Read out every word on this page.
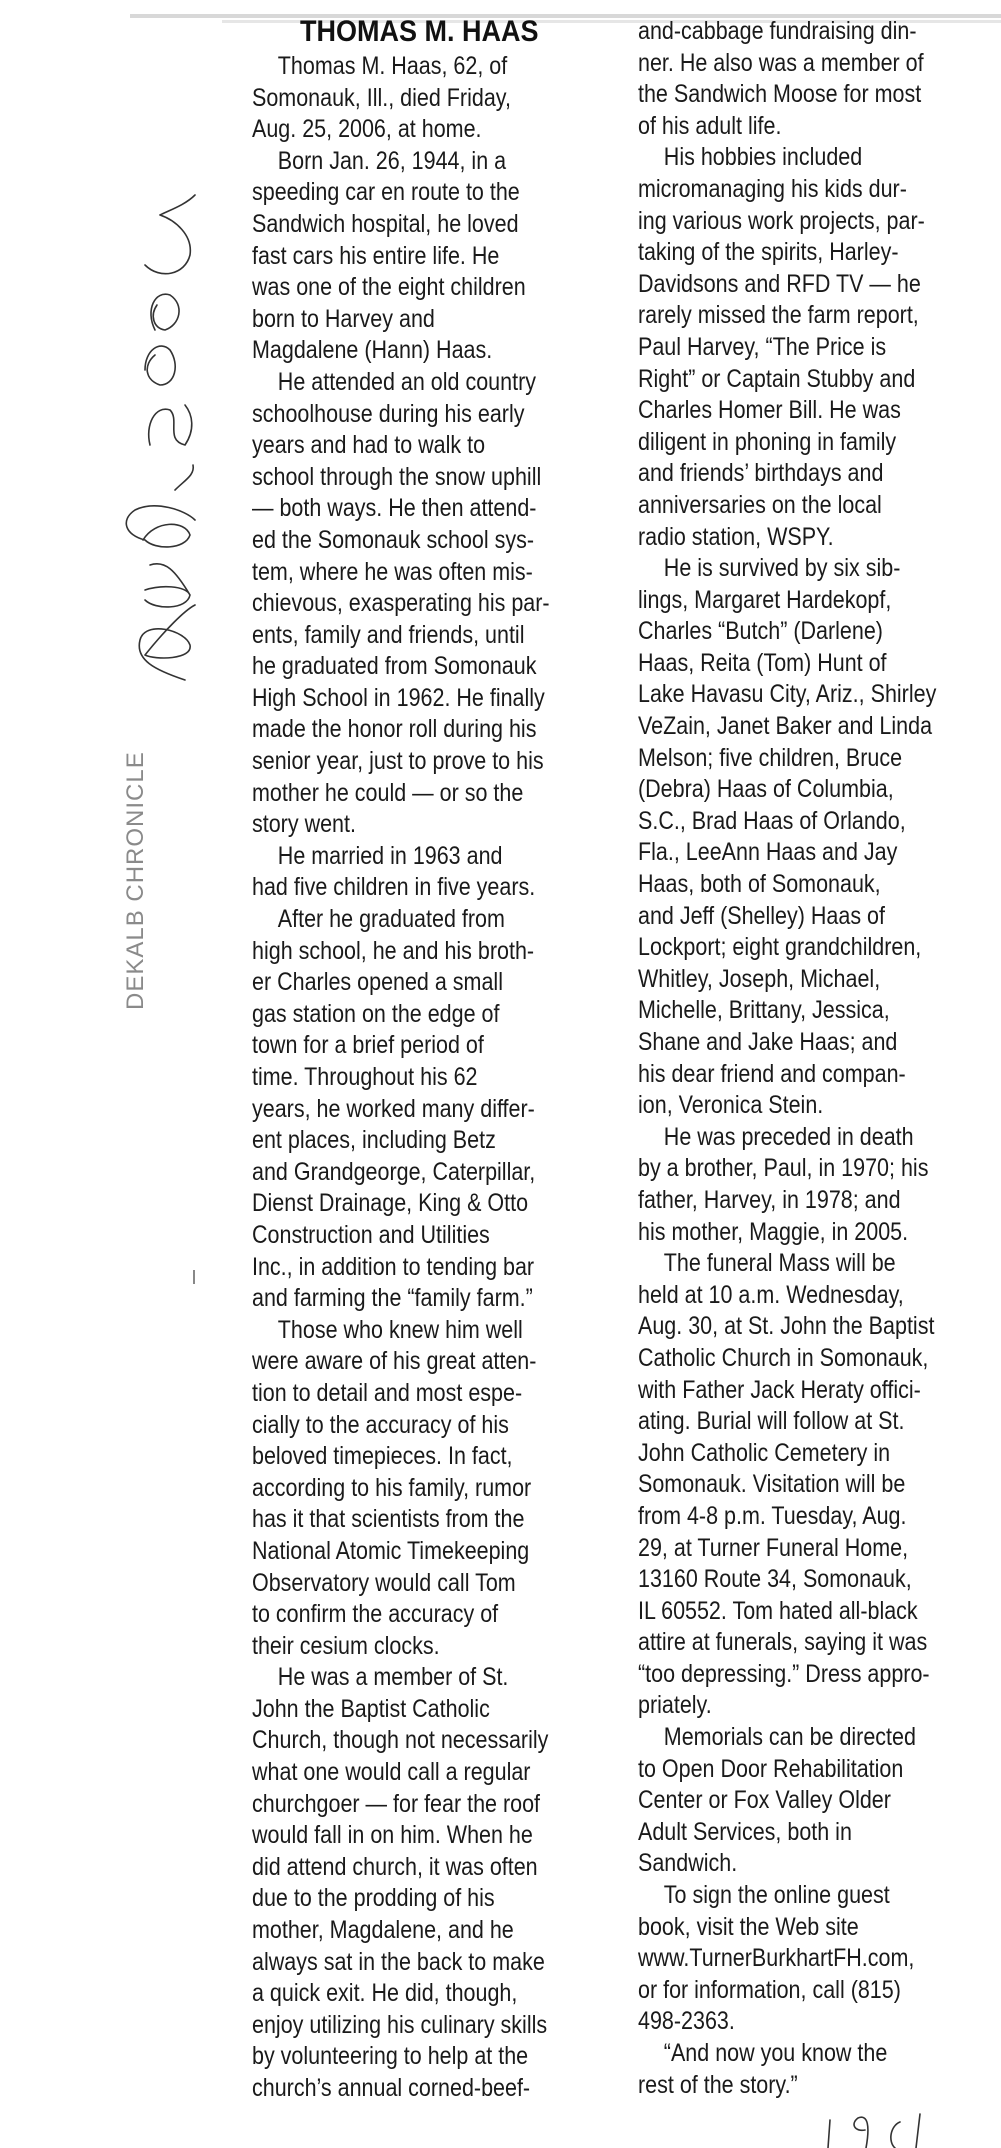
THOMAS M. HAAS
DEKALB CHRONICLE
Thomas M. Haas, 62, of
Somonauk, Ill., died Friday,
Aug. 25, 2006, at home.
Born Jan. 26, 1944, in a
speeding car en route to the
Sandwich hospital, he loved
fast cars his entire life. He
was one of the eight children
born to Harvey and
Magdalene (Hann) Haas.
He attended an old country
schoolhouse during his early
years and had to walk to
school through the snow uphill
— both ways. He then attend-
ed the Somonauk school sys-
tem, where he was often mis-
chievous, exasperating his par-
ents, family and friends, until
he graduated from Somonauk
High School in 1962. He finally
made the honor roll during his
senior year, just to prove to his
mother he could — or so the
story went.
He married in 1963 and
had five children in five years.
After he graduated from
high school, he and his broth-
er Charles opened a small
gas station on the edge of
town for a brief period of
time. Throughout his 62
years, he worked many differ-
ent places, including Betz
and Grandgeorge, Caterpillar,
Dienst Drainage, King & Otto
Construction and Utilities
Inc., in addition to tending bar
and farming the “family farm.”
Those who knew him well
were aware of his great atten-
tion to detail and most espe-
cially to the accuracy of his
beloved timepieces. In fact,
according to his family, rumor
has it that scientists from the
National Atomic Timekeeping
Observatory would call Tom
to confirm the accuracy of
their cesium clocks.
He was a member of St.
John the Baptist Catholic
Church, though not necessarily
what one would call a regular
churchgoer — for fear the roof
would fall in on him. When he
did attend church, it was often
due to the prodding of his
mother, Magdalene, and he
always sat in the back to make
a quick exit. He did, though,
enjoy utilizing his culinary skills
by volunteering to help at the
church’s annual corned-beef-
and-cabbage fundraising din-
ner. He also was a member of
the Sandwich Moose for most
of his adult life.
His hobbies included
micromanaging his kids dur-
ing various work projects, par-
taking of the spirits, Harley-
Davidsons and RFD TV — he
rarely missed the farm report,
Paul Harvey, “The Price is
Right” or Captain Stubby and
Charles Homer Bill. He was
diligent in phoning in family
and friends’ birthdays and
anniversaries on the local
radio station, WSPY.
He is survived by six sib-
lings, Margaret Hardekopf,
Charles “Butch” (Darlene)
Haas, Reita (Tom) Hunt of
Lake Havasu City, Ariz., Shirley
VeZain, Janet Baker and Linda
Melson; five children, Bruce
(Debra) Haas of Columbia,
S.C., Brad Haas of Orlando,
Fla., LeeAnn Haas and Jay
Haas, both of Somonauk,
and Jeff (Shelley) Haas of
Lockport; eight grandchildren,
Whitley, Joseph, Michael,
Michelle, Brittany, Jessica,
Shane and Jake Haas; and
his dear friend and compan-
ion, Veronica Stein.
He was preceded in death
by a brother, Paul, in 1970; his
father, Harvey, in 1978; and
his mother, Maggie, in 2005.
The funeral Mass will be
held at 10 a.m. Wednesday,
Aug. 30, at St. John the Baptist
Catholic Church in Somonauk,
with Father Jack Heraty offici-
ating. Burial will follow at St.
John Catholic Cemetery in
Somonauk. Visitation will be
from 4-8 p.m. Tuesday, Aug.
29, at Turner Funeral Home,
13160 Route 34, Somonauk,
IL 60552. Tom hated all-black
attire at funerals, saying it was
“too depressing.” Dress appro-
priately.
Memorials can be directed
to Open Door Rehabilitation
Center or Fox Valley Older
Adult Services, both in
Sandwich.
To sign the online guest
book, visit the Web site
www.TurnerBurkhartFH.com,
or for information, call (815)
498-2363.
“And now you know the
rest of the story.”
